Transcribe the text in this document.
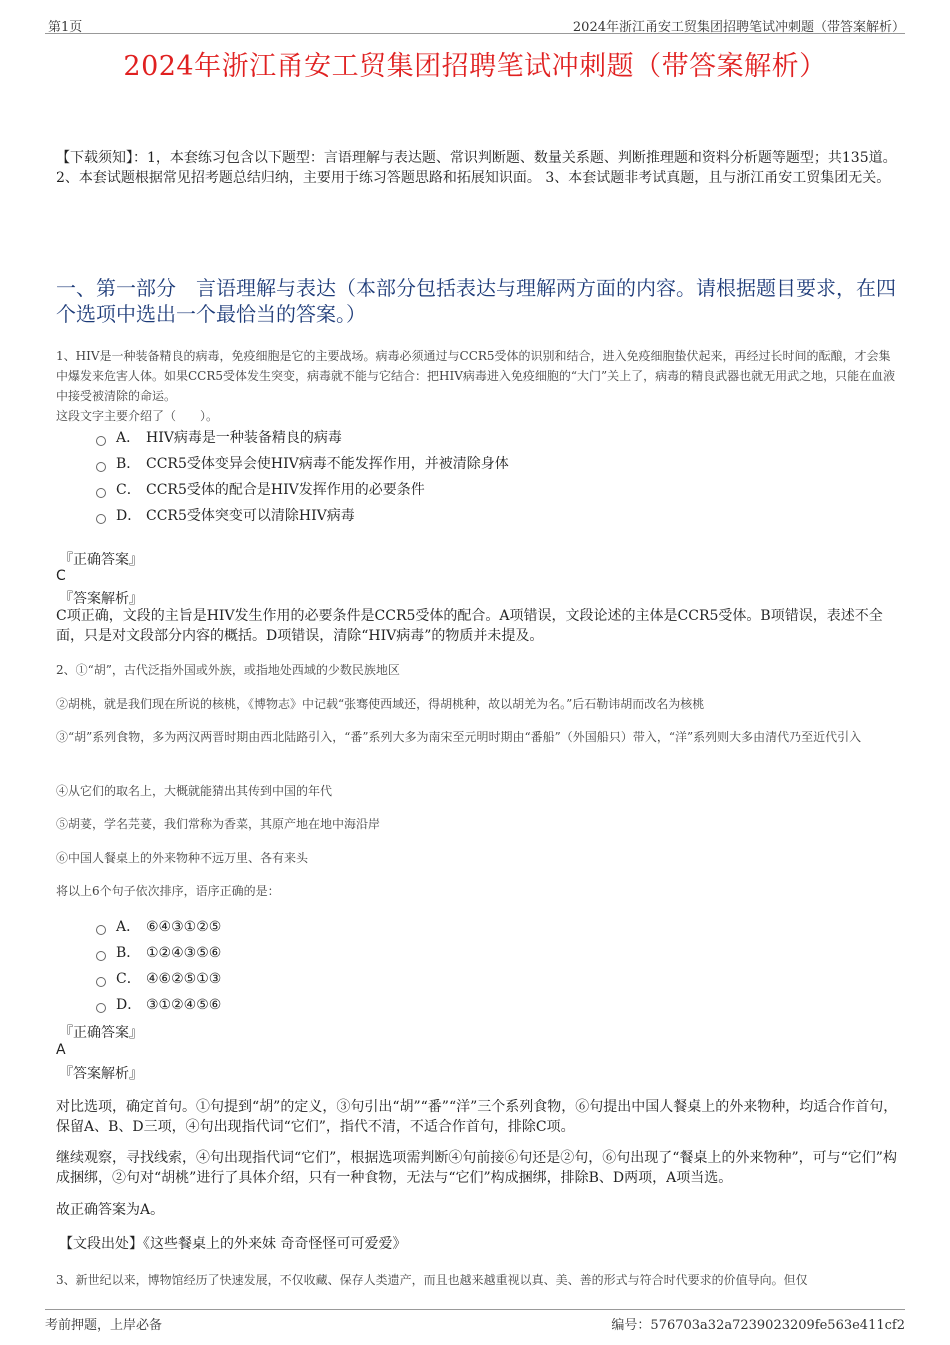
第1页	2024年浙江甬安工贸集团招聘笔试冲刺题（带答案解析）
2024年浙江甬安工贸集团招聘笔试冲刺题（带答案解析）
【下载须知】：1，本套练习包含以下题型：言语理解与表达题、常识判断题、数量关系题、判断推理题和资料分析题等题型；共135道。 2、本套试题根据常见招考题总结归纳，主要用于练习答题思路和拓展知识面。 3、本套试题非考试真题，且与浙江甬安工贸集团无关。
一、第一部分　言语理解与表达（本部分包括表达与理解两方面的内容。请根据题目要求，在四个选项中选出一个最恰当的答案。）
1、HIV是一种装备精良的病毒，免疫细胞是它的主要战场。病毒必须通过与CCR5受体的识别和结合，进入免疫细胞蛰伏起来，再经过长时间的酝酿，才会集中爆发来危害人体。如果CCR5受体发生突变，病毒就不能与它结合：把HIV病毒进入免疫细胞的“大门”关上了，病毒的精良武器也就无用武之地，只能在血液中接受被清除的命运。
这段文字主要介绍了（　　）。
A． HIV病毒是一种装备精良的病毒
B． CCR5受体变异会使HIV病毒不能发挥作用，并被清除身体
C． CCR5受体的配合是HIV发挥作用的必要条件
D． CCR5受体突变可以清除HIV病毒
『正确答案』
C
『答案解析』
C项正确，文段的主旨是HIV发生作用的必要条件是CCR5受体的配合。A项错误，文段论述的主体是CCR5受体。B项错误，表述不全面，只是对文段部分内容的概括。D项错误，清除“HIV病毒”的物质并未提及。
2、①“胡”，古代泛指外国或外族，或指地处西域的少数民族地区
②胡桃，就是我们现在所说的核桃，《博物志》中记载“张骞使西域还，得胡桃种，故以胡羌为名。”后石勒讳胡而改名为核桃
③“胡”系列食物，多为两汉两晋时期由西北陆路引入，“番”系列大多为南宋至元明时期由“番船”（外国船只）带入，“洋”系列则大多由清代乃至近代引入
④从它们的取名上，大概就能猜出其传到中国的年代
⑤胡荽，学名芫荽，我们常称为香菜，其原产地在地中海沿岸
⑥中国人餐桌上的外来物种不远万里、各有来头
将以上6个句子依次排序，语序正确的是：
A． ⑥④③①②⑤
B． ①②④③⑤⑥
C． ④⑥②⑤①③
D． ③①②④⑤⑥
『正确答案』
A
『答案解析』
对比选项，确定首句。①句提到“胡”的定义，③句引出“胡”“番”“洋”三个系列食物，⑥句提出中国人餐桌上的外来物种，均适合作首句，保留A、B、D三项，④句出现指代词“它们”，指代不清，不适合作首句，排除C项。
继续观察，寻找线索，④句出现指代词“它们”，根据选项需判断④句前接⑥句还是②句，⑥句出现了“餐桌上的外来物种”，可与“它们”构成捆绑，②句对“胡桃”进行了具体介绍，只有一种食物，无法与“它们”构成捆绑，排除B、D两项，A项当选。
故正确答案为A。
【文段出处】《这些餐桌上的外来妹 奇奇怪怪可可爱爱》
3、新世纪以来，博物馆经历了快速发展，不仅收藏、保存人类遗产，而且也越来越重视以真、美、善的形式与符合时代要求的价值导向。但仅
考前押题，上岸必备	编号：576703a32a7239023209fe563e411cf2
